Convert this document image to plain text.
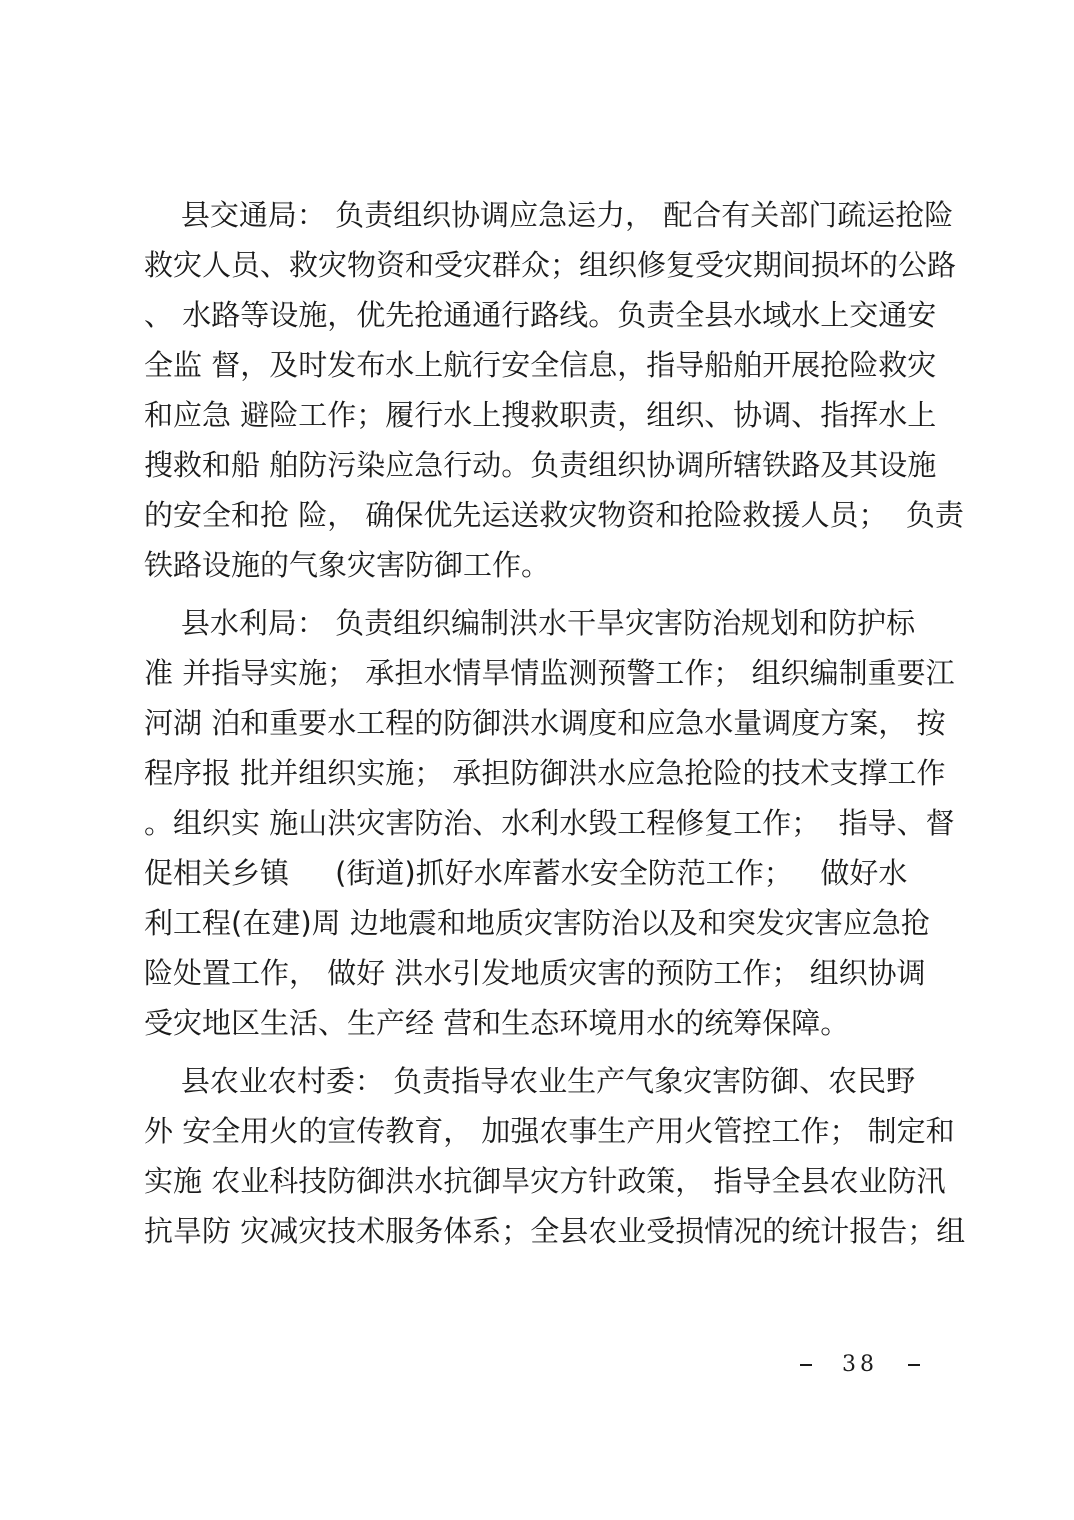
县交通局： 负责组织协调应急运力， 配合有关部门疏运抢险
救灾人员、救灾物资和受灾群众；组织修复受灾期间损坏的公路
、 水路等设施，优先抢通通行路线。负责全县水域水上交通安
全监 督，及时发布水上航行安全信息，指导船舶开展抢险救灾
和应急 避险工作；履行水上搜救职责，组织、协调、指挥水上
搜救和船 舶防污染应急行动。负责组织协调所辖铁路及其设施
的安全和抢 险， 确保优先运送救灾物资和抢险救援人员；  负责
铁路设施的气象灾害防御工作。
县水利局： 负责组织编制洪水干旱灾害防治规划和防护标
准 并指导实施； 承担水情旱情监测预警工作； 组织编制重要江
河湖 泊和重要水工程的防御洪水调度和应急水量调度方案， 按
程序报 批并组织实施； 承担防御洪水应急抢险的技术支撑工作
。组织实 施山洪灾害防治、水利水毁工程修复工作；  指导、督
促相关乡镇     (街道)抓好水库蓄水安全防范工作；   做好水
利工程(在建)周 边地震和地质灾害防治以及和突发灾害应急抢
险处置工作， 做好 洪水引发地质灾害的预防工作； 组织协调
受灾地区生活、生产经 营和生态环境用水的统筹保障。
县农业农村委： 负责指导农业生产气象灾害防御、农民野
外 安全用火的宣传教育， 加强农事生产用火管控工作； 制定和
实施 农业科技防御洪水抗御旱灾方针政策， 指导全县农业防汛
抗旱防 灾减灾技术服务体系；全县农业受损情况的统计报告；组
38
